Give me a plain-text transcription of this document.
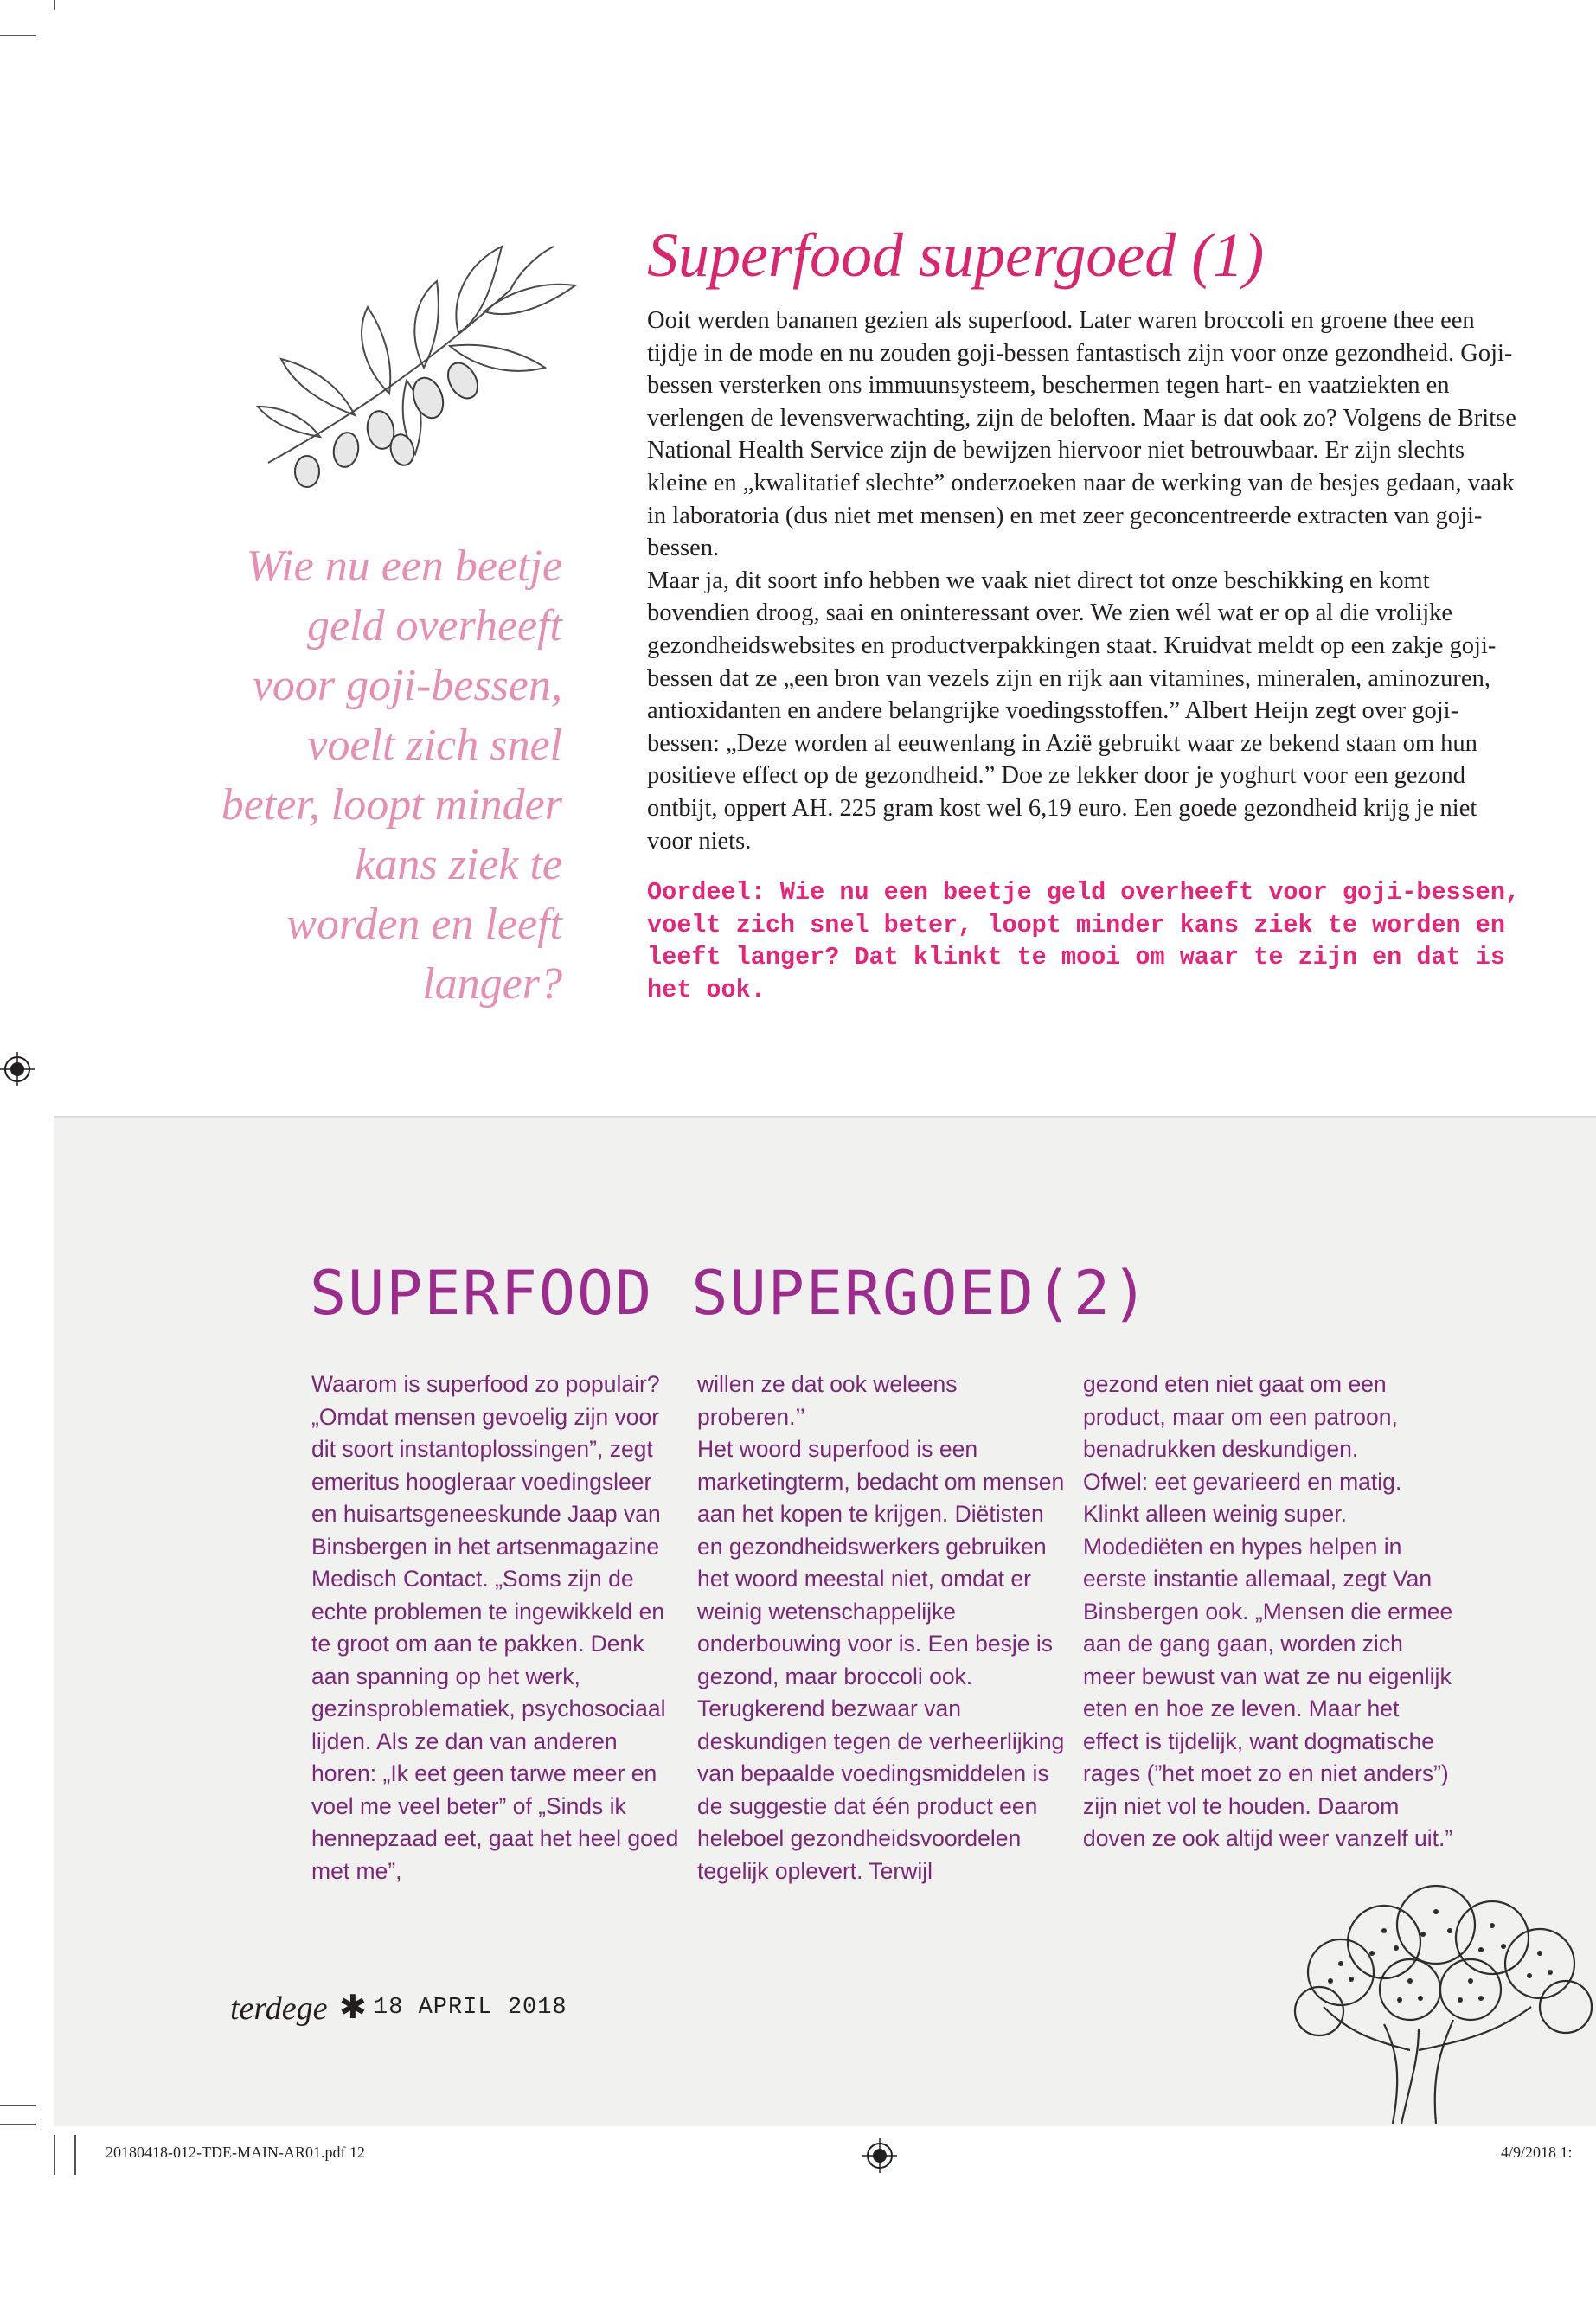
Wie nu een beetje geld overheeft voor goji-bessen, voelt zich snel beter, loopt minder kans ziek te worden en leeft langer?
Superfood supergoed (1)

Ooit werden bananen gezien als superfood. Later waren broccoli en groene thee een tijdje in de mode en nu zouden goji-bessen fantastisch zijn voor onze gezondheid. Goji-bessen versterken ons immuunsysteem, beschermen tegen hart- en vaatziekten en verlengen de levensverwachting, zijn de beloften. Maar is dat ook zo? Volgens de Britse National Health Service zijn de bewijzen hiervoor niet betrouwbaar. Er zijn slechts kleine en „kwalitatief slechte” onderzoeken naar de werking van de besjes gedaan, vaak in laboratoria (dus niet met mensen) en met zeer geconcentreerde extracten van goji-bessen.

Maar ja, dit soort info hebben we vaak niet direct tot onze beschikking en komt bovendien droog, saai en oninteressant over. We zien wél wat er op al die vrolijke gezondheidswebsites en productverpakkingen staat. Kruidvat meldt op een zakje goji-bessen dat ze „een bron van vezels zijn en rijk aan vitamines, mineralen, aminozuren, antioxidanten en andere belangrijke voedingsstoffen.” Albert Heijn zegt over goji-bessen: „Deze worden al eeuwenlang in Azië gebruikt waar ze bekend staan om hun positieve effect op de gezondheid.” Doe ze lekker door je yoghurt voor een gezond ontbijt, oppert AH. 225 gram kost wel 6,19 euro. Een goede gezondheid krijg je niet voor niets.

Oordeel: Wie nu een beetje geld overheeft voor goji-bessen, voelt zich snel beter, loopt minder kans ziek te worden en leeft langer? Dat klinkt te mooi om waar te zijn en dat is het ook.
SUPERFOOD SUPERGOED(2)

Waarom is superfood zo populair? „Omdat mensen gevoelig zijn voor dit soort instantoplossingen”, zegt emeritus hoogleraar voedingsleer en huisartsgeneeskunde Jaap van Binsbergen in het artsenmagazine Medisch Contact. „Soms zijn de echte problemen te ingewikkeld en te groot om aan te pakken. Denk aan spanning op het werk, gezinsproblematiek, psychosociaal lijden. Als ze dan van anderen horen: „Ik eet geen tarwe meer en voel me veel beter” of „Sinds ik hennepzaad eet, gaat het heel goed met me”,

willen ze dat ook weleens proberen.’’

Het woord superfood is een marketingterm, bedacht om mensen aan het kopen te krijgen. Diëtisten en gezondheidswerkers gebruiken het woord meestal niet, omdat er weinig wetenschappelijke onderbouwing voor is. Een besje is gezond, maar broccoli ook.

Terugkerend bezwaar van deskundigen tegen de verheerlijking van bepaalde voedingsmiddelen is de suggestie dat één product een heleboel gezondheidsvoordelen tegelijk oplevert. Terwijl

gezond eten niet gaat om een product, maar om een patroon, benadrukken deskundigen.

Ofwel: eet gevarieerd en matig. Klinkt alleen weinig super.

Modediëten en hypes helpen in eerste instantie allemaal, zegt Van Binsbergen ook. „Mensen die ermee aan de gang gaan, worden zich meer bewust van wat ze nu eigenlijk eten en hoe ze leven. Maar het effect is tijdelijk, want dogmatische rages (”het moet zo en niet anders”) zijn niet vol te houden. Daarom doven ze ook altijd weer vanzelf uit.”

terdege ✱ 18 APRIL 2018
20180418-012-TDE-MAIN-AR01.pdf 12	4/9/2018 1:
